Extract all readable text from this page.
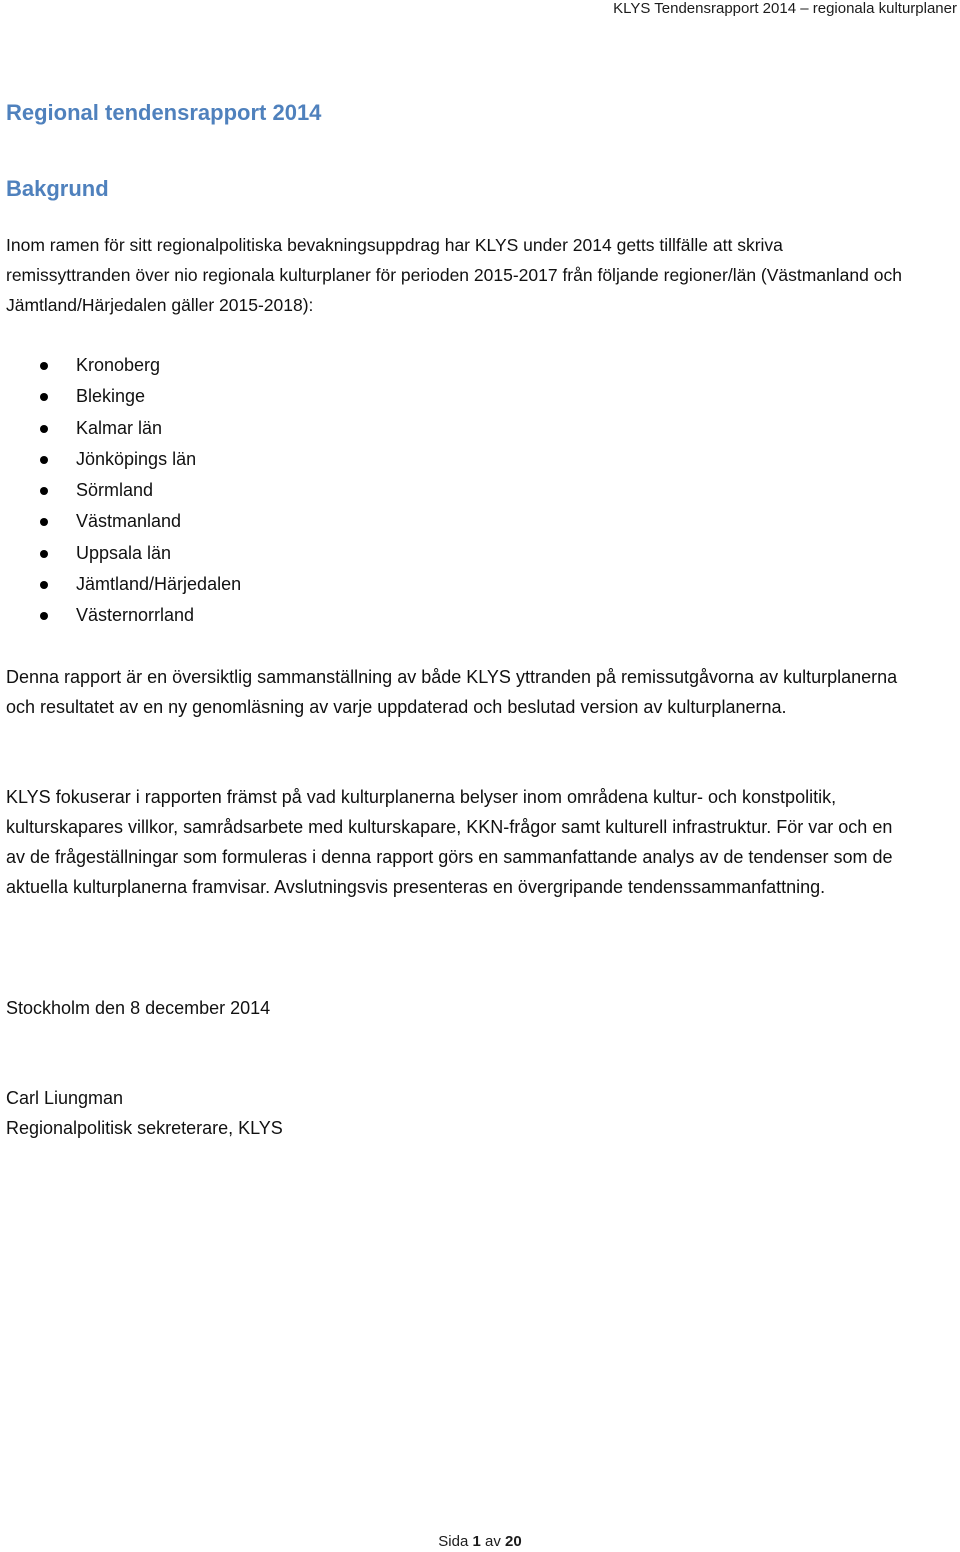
KLYS Tendensrapport 2014 – regionala kulturplaner
Regional tendensrapport 2014
Bakgrund

Inom ramen för sitt regionalpolitiska bevakningsuppdrag har KLYS under 2014 getts tillfälle att skriva remissyttranden över nio regionala kulturplaner för perioden 2015-2017 från följande regioner/län (Västmanland och Jämtland/Härjedalen gäller 2015-2018):

Kronoberg
Blekinge
Kalmar län
Jönköpings län
Sörmland
Västmanland
Uppsala län
Jämtland/Härjedalen
Västernorrland

Denna rapport är en översiktlig sammanställning av både KLYS yttranden på remissutgåvorna av kulturplanerna och resultatet av en ny genomläsning av varje uppdaterad och beslutad version av kulturplanerna.

KLYS fokuserar i rapporten främst på vad kulturplanerna belyser inom områdena kultur- och konstpolitik, kulturskapares villkor, samrådsarbete med kulturskapare, KKN-frågor samt kulturell infrastruktur. För var och en av de frågeställningar som formuleras i denna rapport görs en sammanfattande analys av de tendenser som de aktuella kulturplanerna framvisar. Avslutningsvis presenteras en övergripande tendenssammanfattning.

Stockholm den 8 december 2014

Carl Liungman

Regionalpolitisk sekreterare, KLYS

Sida 1 av 20
